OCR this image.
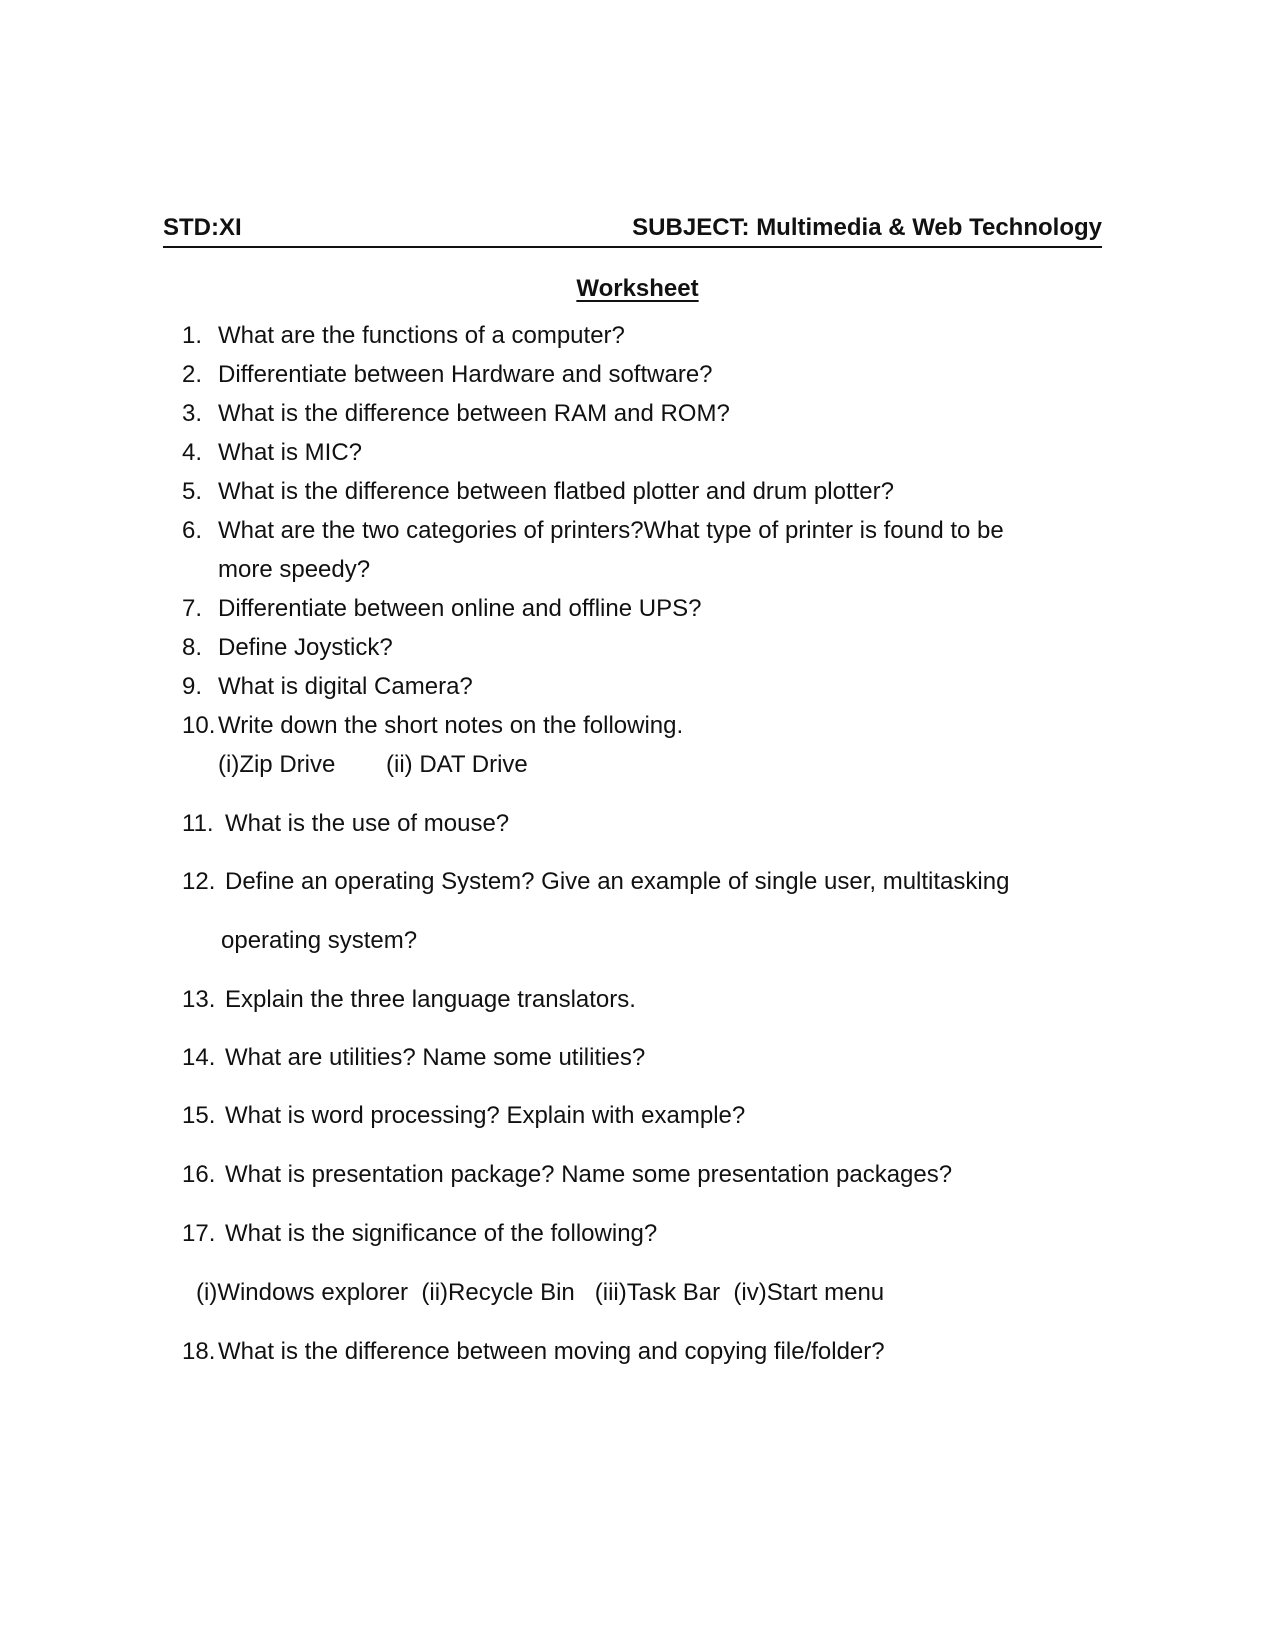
STD:XI	SUBJECT: Multimedia & Web Technology
Worksheet
1. What are the functions of a computer?
2. Differentiate between Hardware and software?
3. What is the difference between RAM and ROM?
4. What is MIC?
5. What is the difference between flatbed plotter and drum plotter?
6. What are the two categories of printers?What type of printer is found to be
more speedy?
7. Differentiate between online and offline UPS?
8. Define Joystick?
9. What is digital Camera?
10. Write down the short notes on the following.
(i)Zip Drive (ii) DAT Drive
11. What is the use of mouse?
12. Define an operating System? Give an example of single user, multitasking
operating system?
13. Explain the three language translators.
14. What are utilities? Name some utilities?
15. What is word processing? Explain with example?
16. What is presentation package? Name some presentation packages?
17. What is the significance of the following?

(i)Windows explorer  (ii)Recycle Bin   (iii)Task Bar  (iv)Start menu

18. What is the difference between moving and copying file/folder?
